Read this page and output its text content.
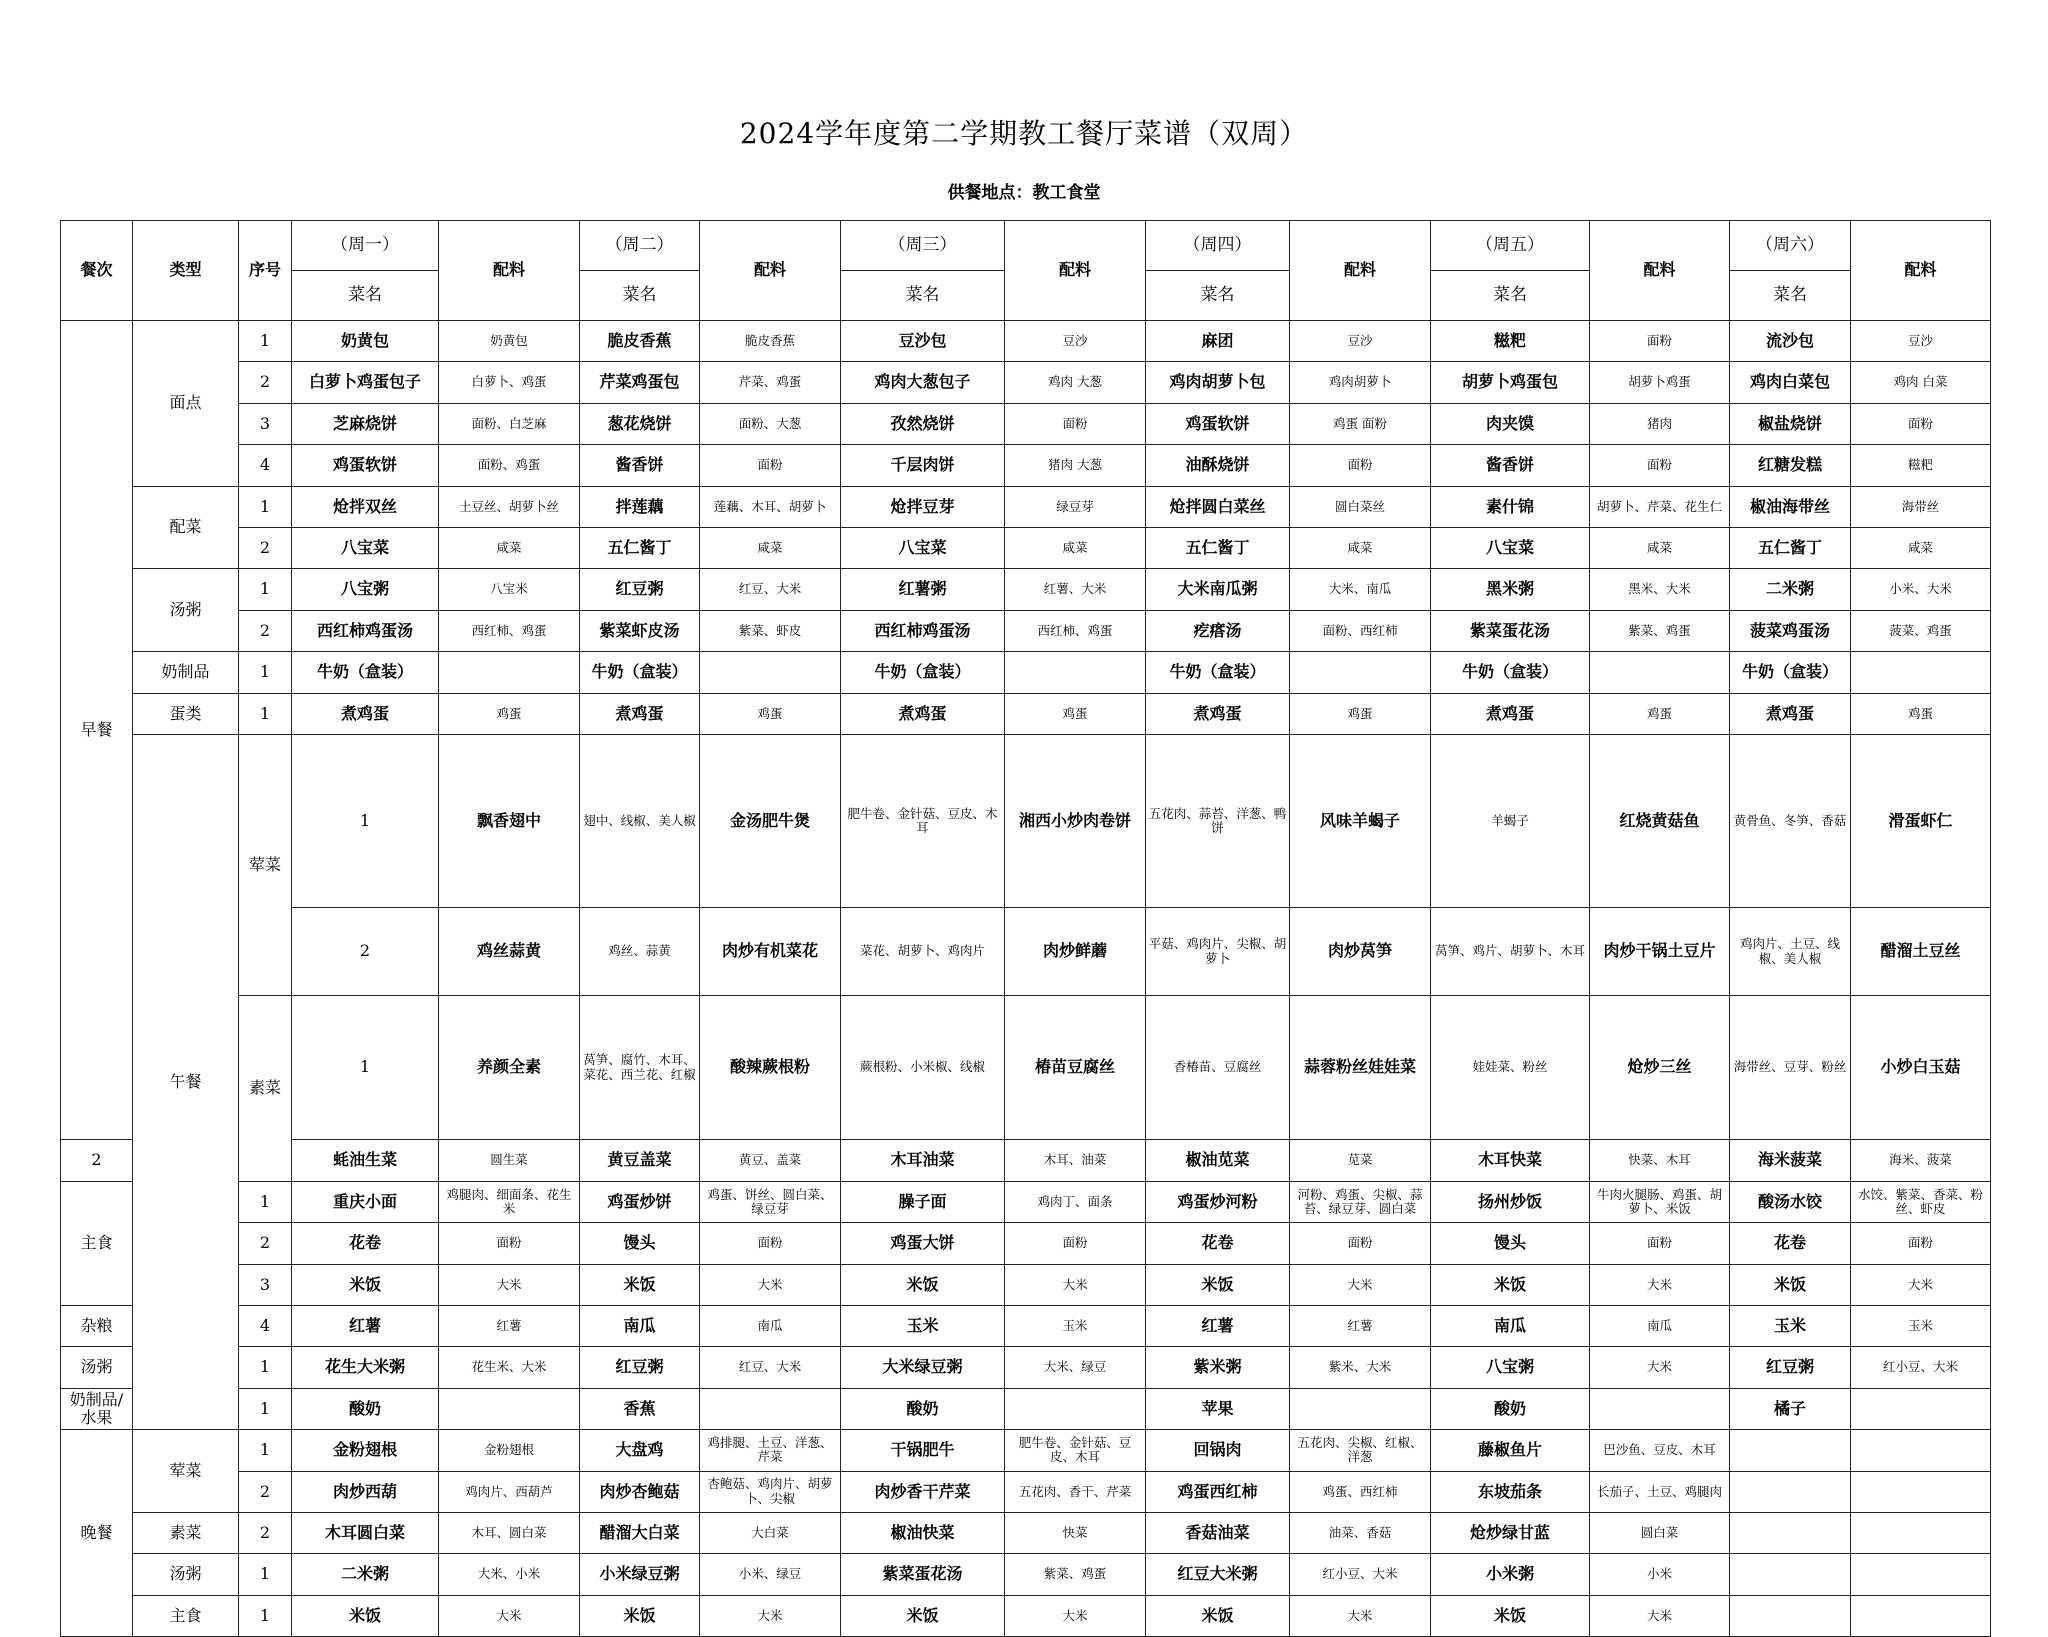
2024学年度第二学期教工餐厅菜谱（双周）
供餐地点：教工食堂
餐次	类型	序号	（周一）	配料	（周二）	配料	（周三）	配料	（周四）	配料	（周五）	配料	（周六）	配料	
			菜名		菜名		菜名		菜名		菜名		菜名		
早餐	面点	1	奶黄包	奶黄包	脆皮香蕉	脆皮香蕉	豆沙包	豆沙	麻团	豆沙	糍粑	面粉	流沙包	豆沙	
		2	白萝卜鸡蛋包子	白萝卜、鸡蛋	芹菜鸡蛋包	芹菜、鸡蛋	鸡肉大葱包子	鸡肉 大葱	鸡肉胡萝卜包	鸡肉胡萝卜	胡萝卜鸡蛋包	胡萝卜鸡蛋	鸡肉白菜包	鸡肉 白菜	
		3	芝麻烧饼	面粉、白芝麻	葱花烧饼	面粉、大葱	孜然烧饼	面粉	鸡蛋软饼	鸡蛋 面粉	肉夹馍	猪肉	椒盐烧饼	面粉	
		4	鸡蛋软饼	面粉、鸡蛋	酱香饼	面粉	千层肉饼	猪肉 大葱	油酥烧饼	面粉	酱香饼	面粉	红糖发糕	糍粑	
	配菜	1	炝拌双丝	土豆丝、胡萝卜丝	拌莲藕	莲藕、木耳、胡萝卜	炝拌豆芽	绿豆芽	炝拌圆白菜丝	圆白菜丝	素什锦	胡萝卜、芹菜、花生仁	椒油海带丝	海带丝	
		2	八宝菜	咸菜	五仁酱丁	咸菜	八宝菜	咸菜	五仁酱丁	咸菜	八宝菜	咸菜	五仁酱丁	咸菜	
	汤粥	1	八宝粥	八宝米	红豆粥	红豆、大米	红薯粥	红薯、大米	大米南瓜粥	大米、南瓜	黑米粥	黑米、大米	二米粥	小米、大米	
		2	西红柿鸡蛋汤	西红柿、鸡蛋	紫菜虾皮汤	紫菜、虾皮	西红柿鸡蛋汤	西红柿、鸡蛋	疙瘩汤	面粉、西红柿	紫菜蛋花汤	紫菜、鸡蛋	菠菜鸡蛋汤	菠菜、鸡蛋	
	奶制品	1	牛奶（盒装）		牛奶（盒装）		牛奶（盒装）		牛奶（盒装）		牛奶（盒装）		牛奶（盒装）		
	蛋类	1	煮鸡蛋	鸡蛋	煮鸡蛋	鸡蛋	煮鸡蛋	鸡蛋	煮鸡蛋	鸡蛋	煮鸡蛋	鸡蛋	煮鸡蛋	鸡蛋	
	午餐	荤菜	1	飘香翅中	翅中、线椒、美人椒	金汤肥牛煲	肥牛卷、金针菇、豆皮、木耳	湘西小炒肉卷饼	五花肉、蒜苔、洋葱、鸭饼	风味羊蝎子	羊蝎子	红烧黄菇鱼	黄骨鱼、冬笋、香菇	滑蛋虾仁	
			2	鸡丝蒜黄	鸡丝、蒜黄	肉炒有机菜花	菜花、胡萝卜、鸡肉片	肉炒鲜蘑	平菇、鸡肉片、尖椒、胡萝卜	肉炒莴笋	莴笋、鸡片、胡萝卜、木耳	肉炒干锅土豆片	鸡肉片、土豆、线椒、美人椒	醋溜土豆丝	
		素菜	1	养颜全素	莴笋、腐竹、木耳、菜花、西兰花、红椒	酸辣蕨根粉	蕨根粉、小米椒、线椒	椿苗豆腐丝	香椿苗、豆腐丝	蒜蓉粉丝娃娃菜	娃娃菜、粉丝	炝炒三丝	海带丝、豆芽、粉丝	小炒白玉菇	
2			蚝油生菜	圆生菜	黄豆盖菜	黄豆、盖菜	木耳油菜	木耳、油菜	椒油苋菜	苋菜	木耳快菜	快菜、木耳	海米菠菜	海米、菠菜	
主食		1	重庆小面	鸡腿肉、细面条、花生米	鸡蛋炒饼	鸡蛋、饼丝、圆白菜、绿豆芽	臊子面	鸡肉丁、面条	鸡蛋炒河粉	河粉、鸡蛋、尖椒、蒜苔、绿豆芽、圆白菜	扬州炒饭	牛肉火腿肠、鸡蛋、胡萝卜、米饭	酸汤水饺	水饺、紫菜、香菜、粉丝、虾皮	
		2	花卷	面粉	馒头	面粉	鸡蛋大饼	面粉	花卷	面粉	馒头	面粉	花卷	面粉	
		3	米饭	大米	米饭	大米	米饭	大米	米饭	大米	米饭	大米	米饭	大米	
杂粮		4	红薯	红薯	南瓜	南瓜	玉米	玉米	红薯	红薯	南瓜	南瓜	玉米	玉米	
汤粥		1	花生大米粥	花生米、大米	红豆粥	红豆、大米	大米绿豆粥	大米、绿豆	紫米粥	紫米、大米	八宝粥	大米	红豆粥	红小豆、大米	
奶制品/水果		1	酸奶		香蕉		酸奶		苹果		酸奶		橘子		
晚餐	荤菜	1	金粉翅根	金粉翅根	大盘鸡	鸡排腿、土豆、洋葱、芹菜	干锅肥牛	肥牛卷、金针菇、豆皮、木耳	回锅肉	五花肉、尖椒、红椒、洋葱	藤椒鱼片	巴沙鱼、豆皮、木耳			
		2	肉炒西葫	鸡肉片、西葫芦	肉炒杏鲍菇	杏鲍菇、鸡肉片、胡萝卜、尖椒	肉炒香干芹菜	五花肉、香干、芹菜	鸡蛋西红柿	鸡蛋、西红柿	东坡茄条	长茄子、土豆、鸡腿肉			
	素菜	2	木耳圆白菜	木耳、圆白菜	醋溜大白菜	大白菜	椒油快菜	快菜	香菇油菜	油菜、香菇	炝炒绿甘蓝	圆白菜			
	汤粥	1	二米粥	大米、小米	小米绿豆粥	小米、绿豆	紫菜蛋花汤	紫菜、鸡蛋	红豆大米粥	红小豆、大米	小米粥	小米			
	主食	1	米饭	大米	米饭	大米	米饭	大米	米饭	大米	米饭	大米			
